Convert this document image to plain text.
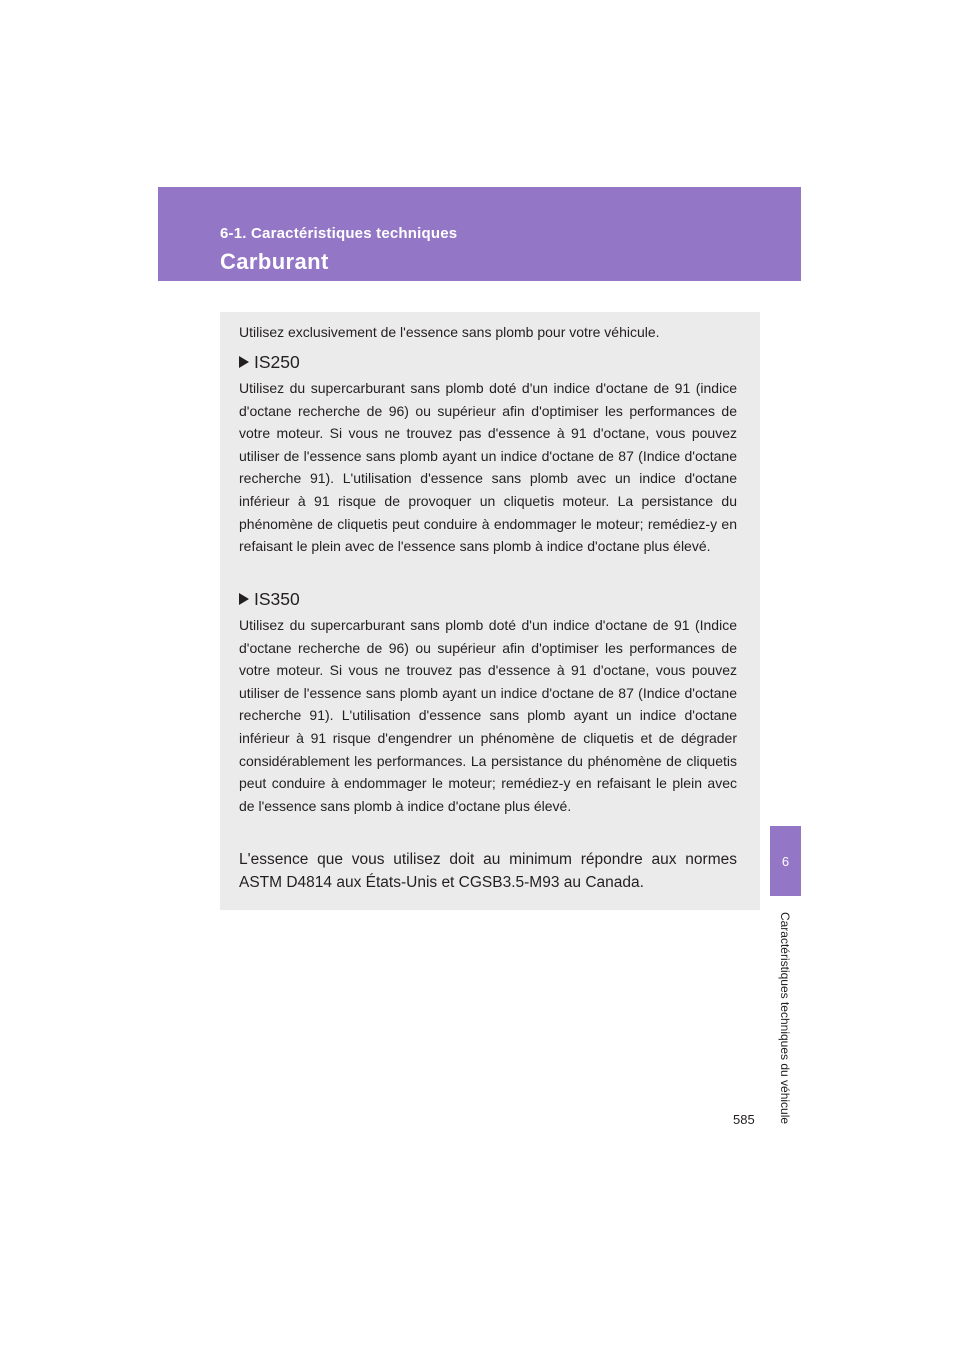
6-1. Caractéristiques techniques
Carburant
Utilisez exclusivement de l'essence sans plomb pour votre véhicule.
IS250
Utilisez du supercarburant sans plomb doté d'un indice d'octane de 91 (indice d'octane recherche de 96) ou supérieur afin d'optimiser les performances de votre moteur. Si vous ne trouvez pas d'essence à 91 d'octane, vous pouvez utiliser de l'essence sans plomb ayant un indice d'octane de 87 (Indice d'octane recherche 91). L'utilisation d'essence sans plomb avec un indice d'octane inférieur à 91 risque de provoquer un cliquetis moteur. La persistance du phénomène de cliquetis peut conduire à endommager le moteur; remédiez-y en refaisant le plein avec de l'essence sans plomb à indice d'octane plus élevé.
IS350
Utilisez du supercarburant sans plomb doté d'un indice d'octane de 91 (Indice d'octane recherche de 96) ou supérieur afin d'optimiser les performances de votre moteur. Si vous ne trouvez pas d'essence à 91 d'octane, vous pouvez utiliser de l'essence sans plomb ayant un indice d'octane de 87 (Indice d'octane recherche 91). L'utilisation d'essence sans plomb ayant un indice d'octane inférieur à 91 risque d'engendrer un phénomène de cliquetis et de dégrader considérablement les performances. La persistance du phénomène de cliquetis peut conduire à endommager le moteur; remédiez-y en refaisant le plein avec de l'essence sans plomb à indice d'octane plus élevé.
L'essence que vous utilisez doit au minimum répondre aux normes ASTM D4814 aux États-Unis et CGSB3.5-M93 au Canada.
6
Caractéristiques techniques du véhicule
585
